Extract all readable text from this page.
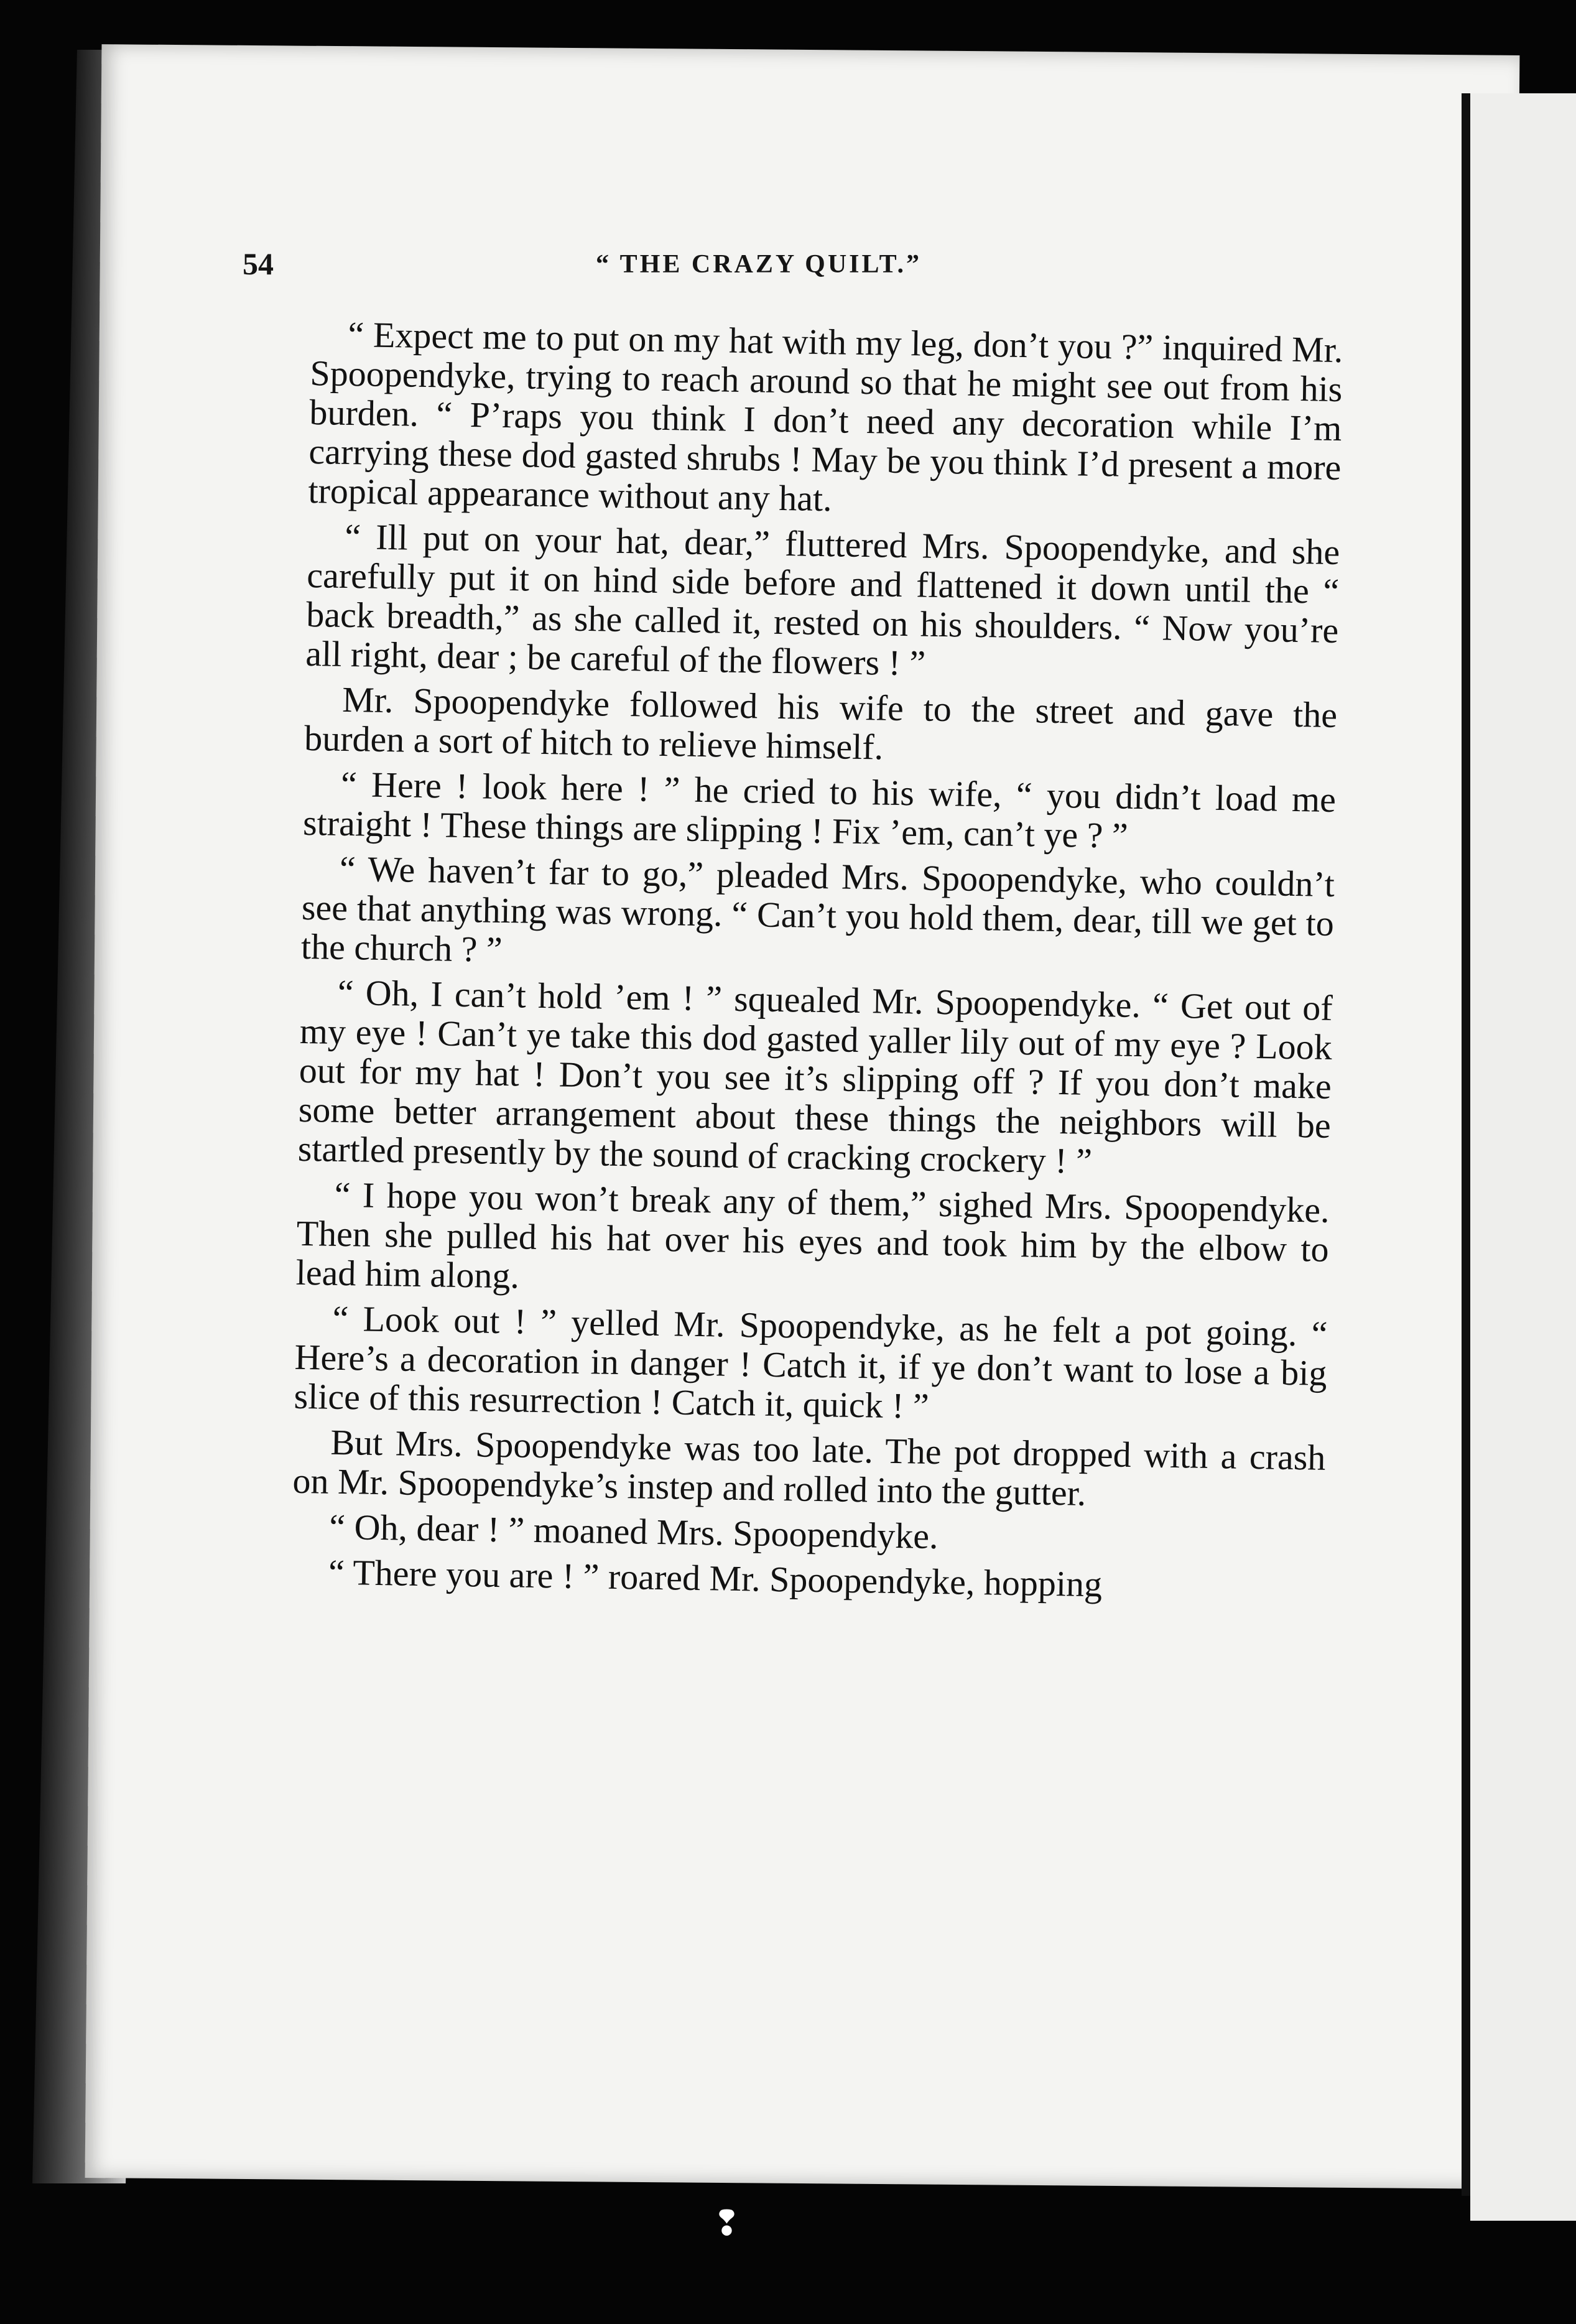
54	“ THE CRAZY QUILT.”

“ Expect me to put on my hat with my leg, don’t you ?” inquired Mr. Spoopendyke, trying to reach around so that he might see out from his burden. “ P’raps you think I don’t need any decoration while I’m carrying these dod gasted shrubs ! May be you think I’d present a more tropical appearance without any hat.

“ Ill put on your hat, dear,” fluttered Mrs. Spoopendyke, and she carefully put it on hind side before and flattened it down until the “ back breadth,” as she called it, rested on his shoulders. “ Now you’re all right, dear ; be careful of the flowers ! ”

Mr. Spoopendyke followed his wife to the street and gave the burden a sort of hitch to relieve himself.

“ Here ! look here ! ” he cried to his wife, “ you didn’t load me straight ! These things are slipping ! Fix ’em, can’t ye ? ”

“ We haven’t far to go,” pleaded Mrs. Spoopendyke, who couldn’t see that anything was wrong. “ Can’t you hold them, dear, till we get to the church ? ”

“ Oh, I can’t hold ’em ! ” squealed Mr. Spoopendyke. “ Get out of my eye ! Can’t ye take this dod gasted yaller lily out of my eye ? Look out for my hat ! Don’t you see it’s slipping off ? If you don’t make some better arrangement about these things the neighbors will be startled presently by the sound of cracking crockery ! ”

“ I hope you won’t break any of them,” sighed Mrs. Spoopendyke. Then she pulled his hat over his eyes and took him by the elbow to lead him along.

“ Look out ! ” yelled Mr. Spoopendyke, as he felt a pot going. “ Here’s a decoration in danger ! Catch it, if ye don’t want to lose a big slice of this resurrection ! Catch it, quick ! ”

But Mrs. Spoopendyke was too late. The pot dropped with a crash on Mr. Spoopendyke’s instep and rolled into the gutter.

“ Oh, dear ! ” moaned Mrs. Spoopendyke.

“ There you are ! ” roared Mr. Spoopendyke, hopping

❢
